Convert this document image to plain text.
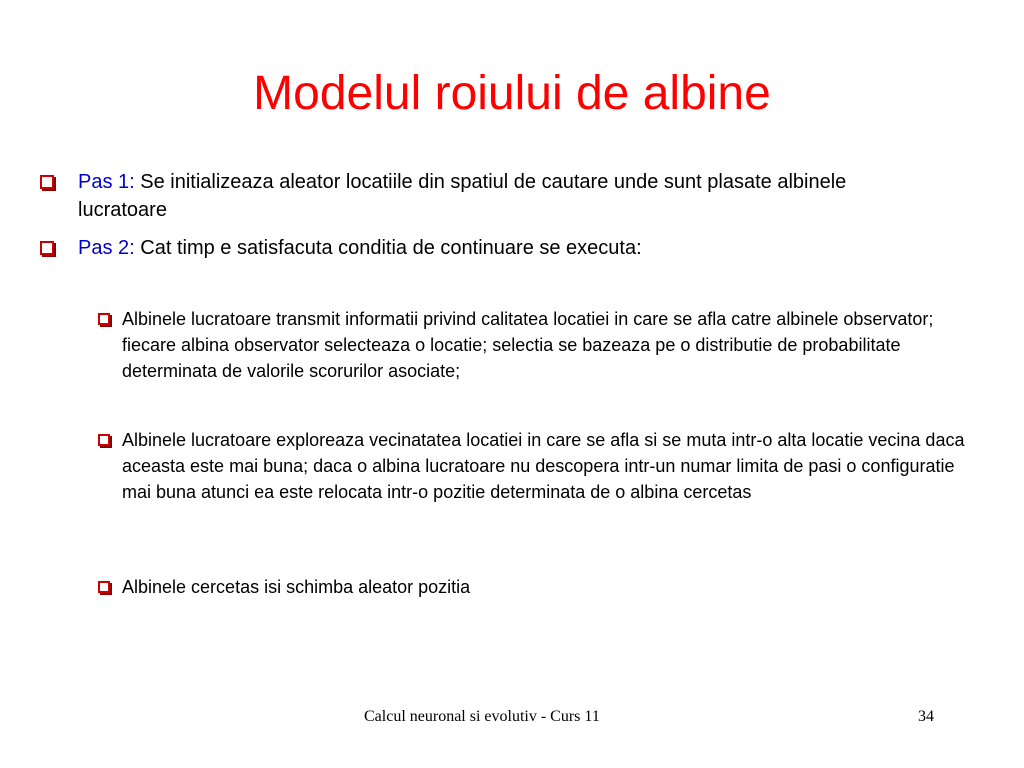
Modelul roiului de albine
Pas 1: Se initializeaza aleator locatiile din spatiul de cautare unde sunt plasate albinele lucratoare
Pas 2: Cat timp e satisfacuta conditia de continuare se executa:
Albinele lucratoare transmit informatii privind calitatea locatiei in care se afla catre albinele observator; fiecare albina observator selecteaza o locatie; selectia se bazeaza pe o distributie de probabilitate determinata de valorile scorurilor asociate;
Albinele lucratoare exploreaza vecinatatea locatiei in care se afla si se muta intr-o alta locatie vecina daca aceasta este mai buna; daca o albina lucratoare nu descopera intr-un numar limita de pasi o configuratie mai buna atunci ea este relocata intr-o pozitie determinata de o albina cercetas
Albinele cercetas isi schimba aleator pozitia
Calcul neuronal si evolutiv - Curs 11	34
